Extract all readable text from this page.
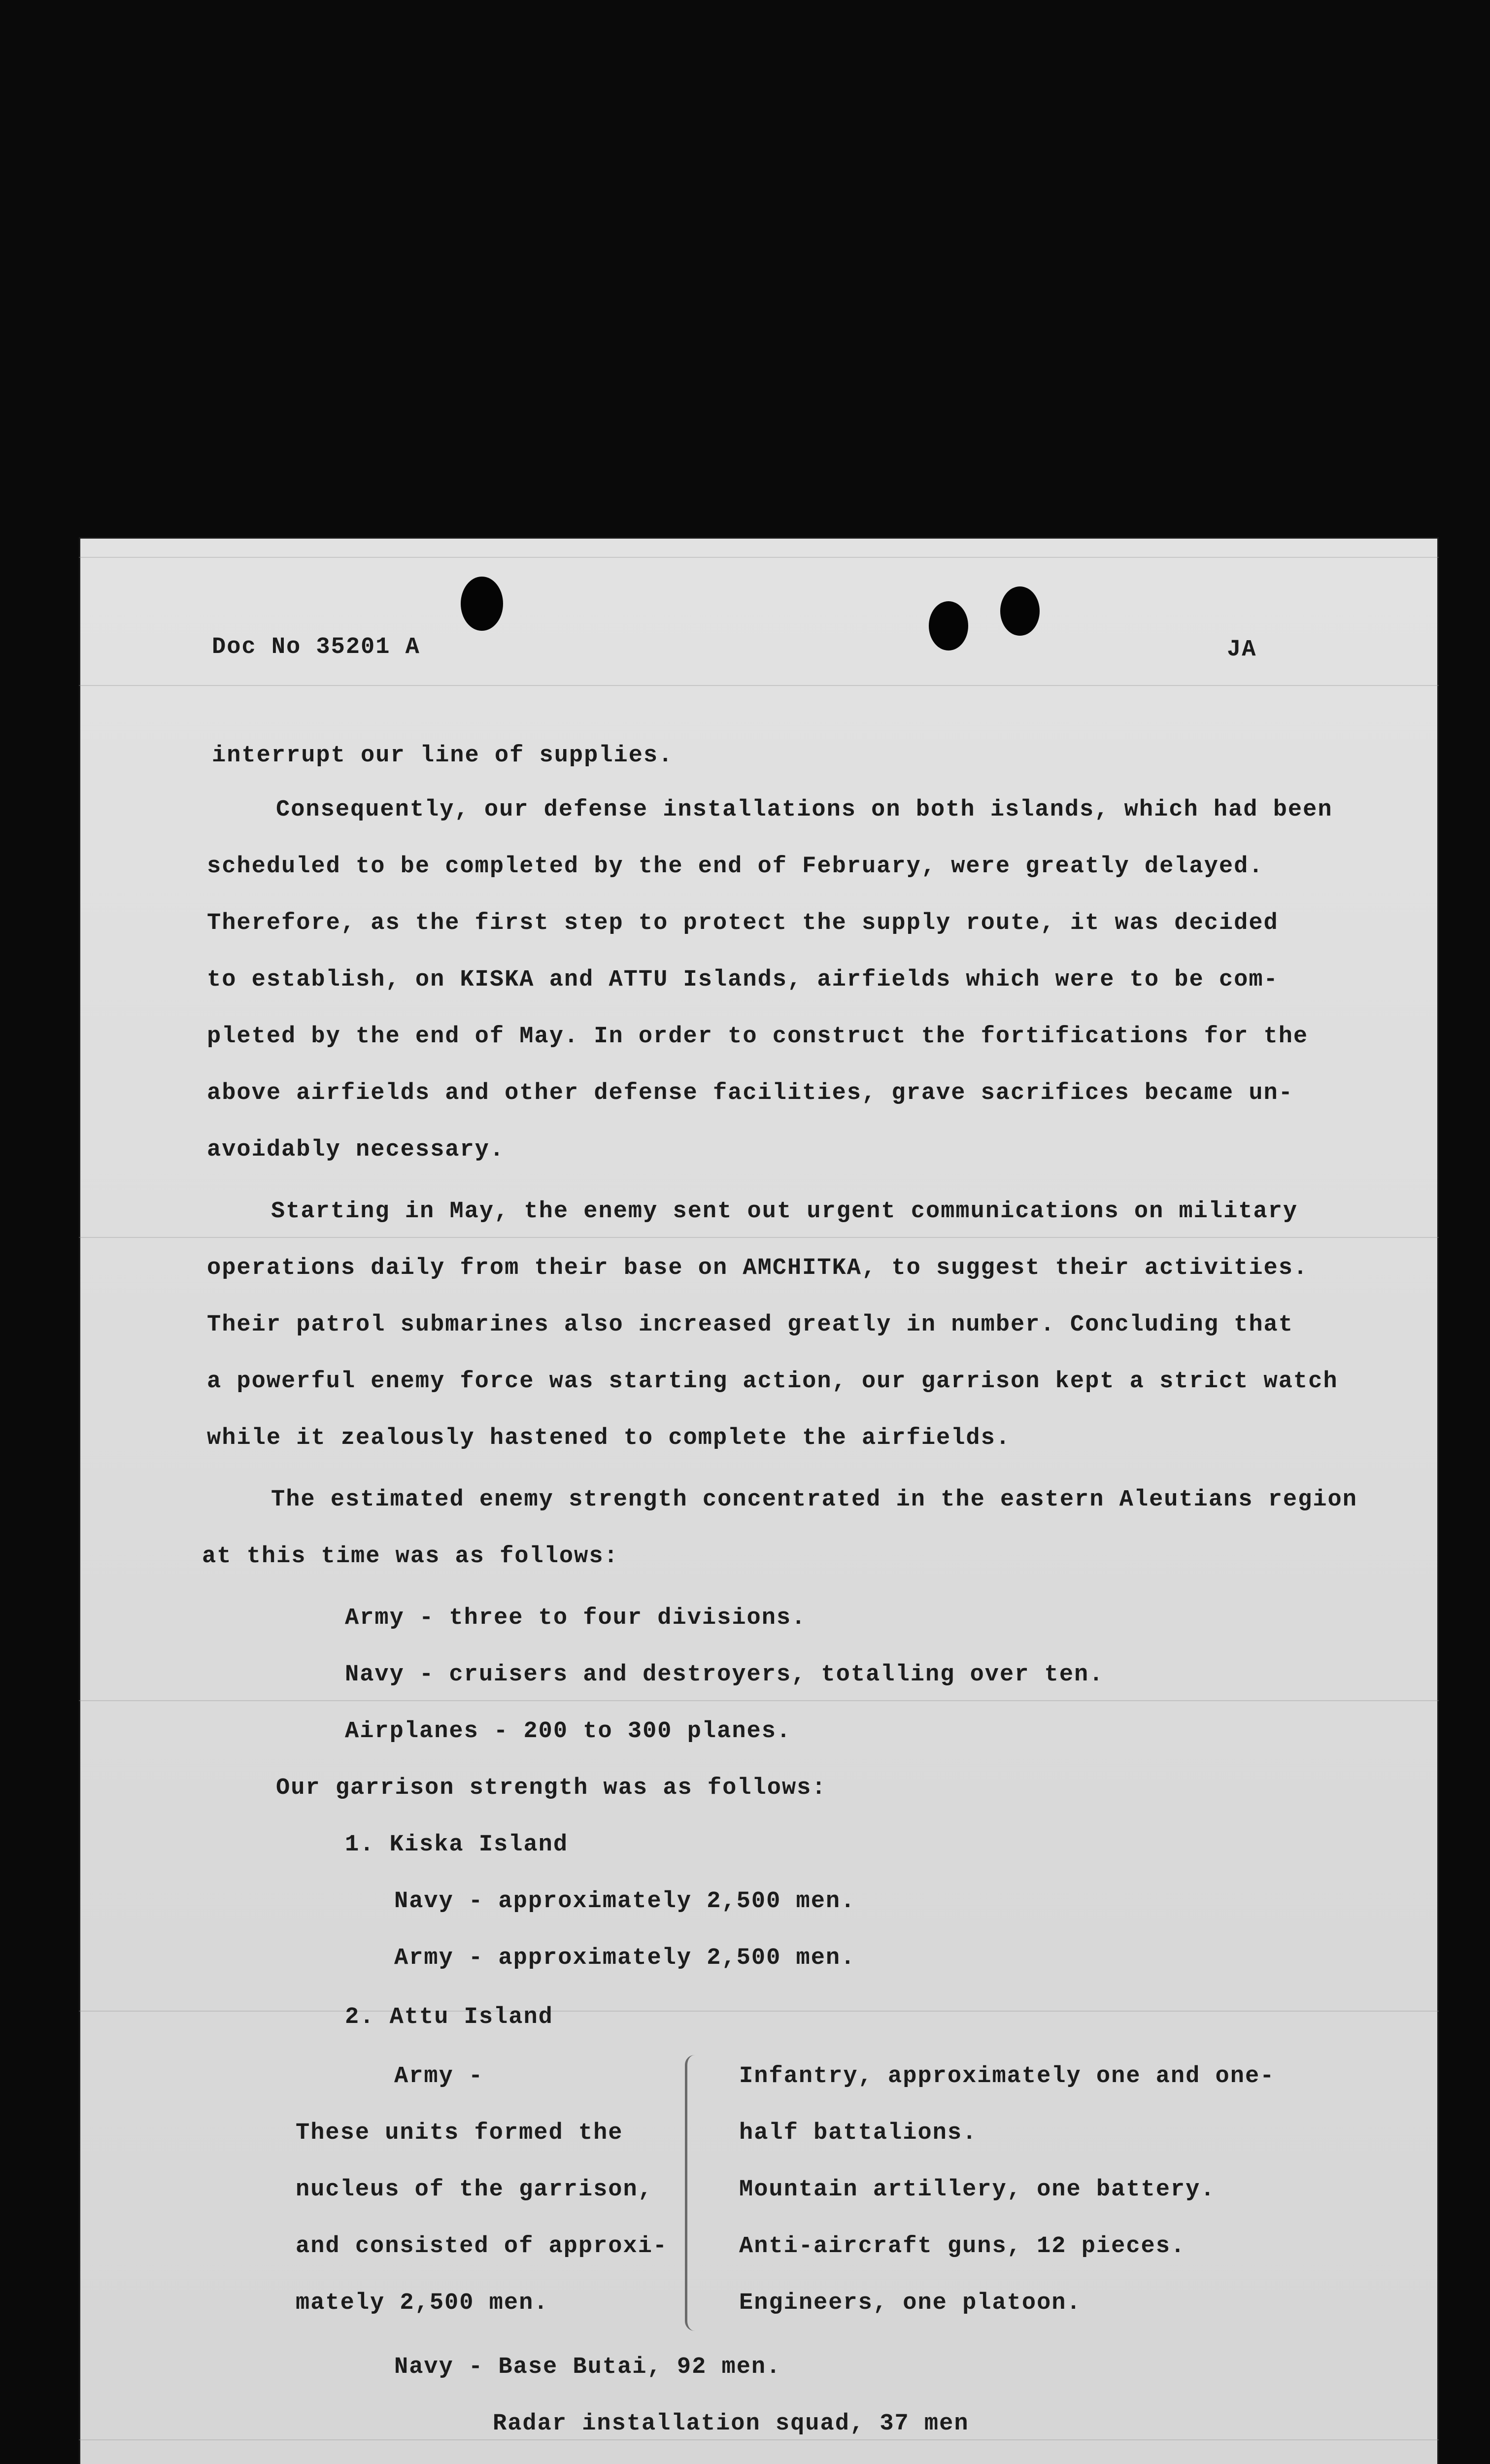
Doc No 35201 A	JA
interrupt our line of supplies.
Consequently, our defense installations on both islands, which had been
scheduled to be completed by the end of February, were greatly delayed.
Therefore, as the first step to protect the supply route, it was decided
to establish, on KISKA and ATTU Islands, airfields which were to be com-
pleted by the end of May. In order to construct the fortifications for the
above airfields and other defense facilities, grave sacrifices became un-
avoidably necessary.
Starting in May, the enemy sent out urgent communications on military
operations daily from their base on AMCHITKA, to suggest their activities.
Their patrol submarines also increased greatly in number. Concluding that
a powerful enemy force was starting action, our garrison kept a strict watch
while it zealously hastened to complete the airfields.
The estimated enemy strength concentrated in the eastern Aleutians region
at this time was as follows:
Army - three to four divisions.
Navy - cruisers and destroyers, totalling over ten.
Airplanes - 200 to 300 planes.
Our garrison strength was as follows:
1. Kiska Island
Navy - approximately 2,500 men.
Army - approximately 2,500 men.
2. Attu Island
Army -
These units formed the
nucleus of the garrison,
and consisted of approxi-
mately 2,500 men.
Infantry, approximately one and one-
half battalions.
Mountain artillery, one battery.
Anti-aircraft guns, 12 pieces.
Engineers, one platoon.
Navy - Base Butai, 92 men.
Radar installation squad, 37 men
